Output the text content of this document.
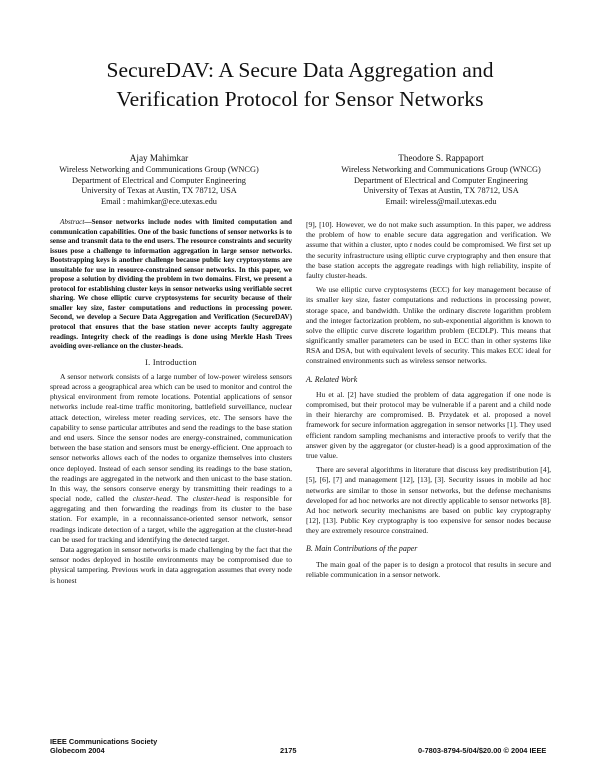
SecureDAV: A Secure Data Aggregation and
Verification Protocol for Sensor Networks
Ajay Mahimkar
Wireless Networking and Communications Group (WNCG)
Department of Electrical and Computer Engineering
University of Texas at Austin, TX 78712, USA
Email : mahimkar@ece.utexas.edu
Theodore S. Rappaport
Wireless Networking and Communications Group (WNCG)
Department of Electrical and Computer Engineering
University of Texas at Austin, TX 78712, USA
Email: wireless@mail.utexas.edu

Abstract—Sensor networks include nodes with limited computation and communication capabilities. One of the basic functions of sensor networks is to sense and transmit data to the end users. The resource constraints and security issues pose a challenge to information aggregation in large sensor networks. Bootstrapping keys is another challenge because public key cryptosystems are unsuitable for use in resource-constrained sensor networks. In this paper, we propose a solution by dividing the problem in two domains. First, we present a protocol for establishing cluster keys in sensor networks using verifiable secret sharing. We chose elliptic curve cryptosystems for security because of their smaller key size, faster computations and reductions in processing power. Second, we develop a Secure Data Aggregation and Verification (SecureDAV) protocol that ensures that the base station never accepts faulty aggregate readings. Integrity check of the readings is done using Merkle Hash Trees avoiding over-reliance on the cluster-heads.

I. Introduction

A sensor network consists of a large number of low-power wireless sensors spread across a geographical area which can be used to monitor and control the physical environment from remote locations. Potential applications of sensor networks include real-time traffic monitoring, battlefield surveillance, nuclear attack detection, wireless meter reading services, etc. The sensors have the capability to sense particular attributes and send the readings to the base station and end users. Since the sensor nodes are energy-constrained, communication between the base station and sensors must be energy-efficient. One approach to sensor networks allows each of the nodes to organize themselves into clusters once deployed. Instead of each sensor sending its readings to the base station, the readings are aggregated in the network and then unicast to the base station. In this way, the sensors conserve energy by transmitting their readings to a special node, called the cluster-head. The cluster-head is responsible for aggregating and then forwarding the readings from its cluster to the base station. For example, in a reconnaissance-oriented sensor network, sensor readings indicate detection of a target, while the aggregation at the cluster-head can be used for tracking and identifying the detected target.

Data aggregation in sensor networks is made challenging by the fact that the sensor nodes deployed in hostile environments may be compromised due to physical tampering. Previous work in data aggregation assumes that every node is honest

[9], [10]. However, we do not make such assumption. In this paper, we address the problem of how to enable secure data aggregation and verification. We assume that within a cluster, upto t nodes could be compromised. We first set up the security infrastructure using elliptic curve cryptography and then ensure that the base station accepts the aggregate readings with high reliability, inspite of faulty cluster-heads.

We use elliptic curve cryptosystems (ECC) for key management because of its smaller key size, faster computations and reductions in processing power, storage space, and bandwidth. Unlike the ordinary discrete logarithm problem and the integer factorization problem, no sub-exponential algorithm is known to solve the elliptic curve discrete logarithm problem (ECDLP). This means that significantly smaller parameters can be used in ECC than in other systems like RSA and DSA, but with equivalent levels of security. This makes ECC ideal for constrained environments such as wireless sensor networks.

A. Related Work

Hu et al. [2] have studied the problem of data aggregation if one node is compromised, but their protocol may be vulnerable if a parent and a child node in their hierarchy are compromised. B. Przydatek et al. proposed a novel framework for secure information aggregation in sensor networks [1]. They used efficient random sampling mechanisms and interactive proofs to verify that the answer given by the aggregator (or cluster-head) is a good approximation of the true value.

There are several algorithms in literature that discuss key predistribution [4], [5], [6], [7] and management [12], [13], [3]. Security issues in mobile ad hoc networks are similar to those in sensor networks, but the defense mechanisms developed for ad hoc networks are not directly applicable to sensor networks [8]. Ad hoc network security mechanisms are based on public key cryptography [12], [13]. Public Key cryptography is too expensive for sensor nodes because they are extremely resource constrained.

B. Main Contributions of the paper

The main goal of the paper is to design a protocol that results in secure and reliable communication in a sensor network.

IEEE Communications Society
Globecom 2004	2175	0-7803-8794-5/04/$20.00 © 2004 IEEE
